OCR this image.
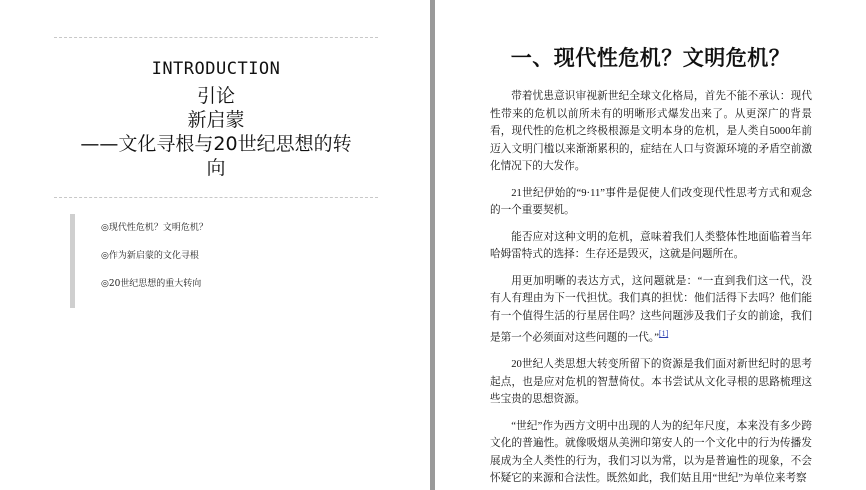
INTRODUCTION
引论
新启蒙
——文化寻根与20世纪思想的转
向
◎现代性危机？文明危机？
◎作为新启蒙的文化寻根
◎20世纪思想的重大转向
一、现代性危机？文明危机？

带着忧患意识审视新世纪全球文化格局，首先不能不承认：现代性带来的危机以前所未有的明晰形式爆发出来了。从更深广的背景看，现代性的危机之终极根源是文明本身的危机，是人类自5000年前迈入文明门槛以来渐渐累积的，症结在人口与资源环境的矛盾空前激化情况下的大发作。

21世纪伊始的“9·11”事件是促使人们改变现代性思考方式和观念的一个重要契机。

能否应对这种文明的危机，意味着我们人类整体性地面临着当年哈姆雷特式的选择：生存还是毁灭，这就是问题所在。

用更加明晰的表达方式，这问题就是：“一直到我们这一代，没有人有理由为下一代担忧。我们真的担忧：他们活得下去吗？他们能有一个值得生活的行星居住吗？这些问题涉及我们子女的前途，我们是第一个必须面对这些问题的一代。”[1]

20世纪人类思想大转变所留下的资源是我们面对新世纪时的思考起点，也是应对危机的智慧倚仗。本书尝试从文化寻根的思路梳理这些宝贵的思想资源。

“世纪”作为西方文明中出现的人为的纪年尺度，本来没有多少跨文化的普遍性。就像吸烟从美洲印第安人的一个文化中的行为传播发展成为全人类性的行为，我们习以为常，以为是普遍性的现象，不会怀疑它的来源和合法性。既然如此，我们姑且用“世纪”为单位来考察
